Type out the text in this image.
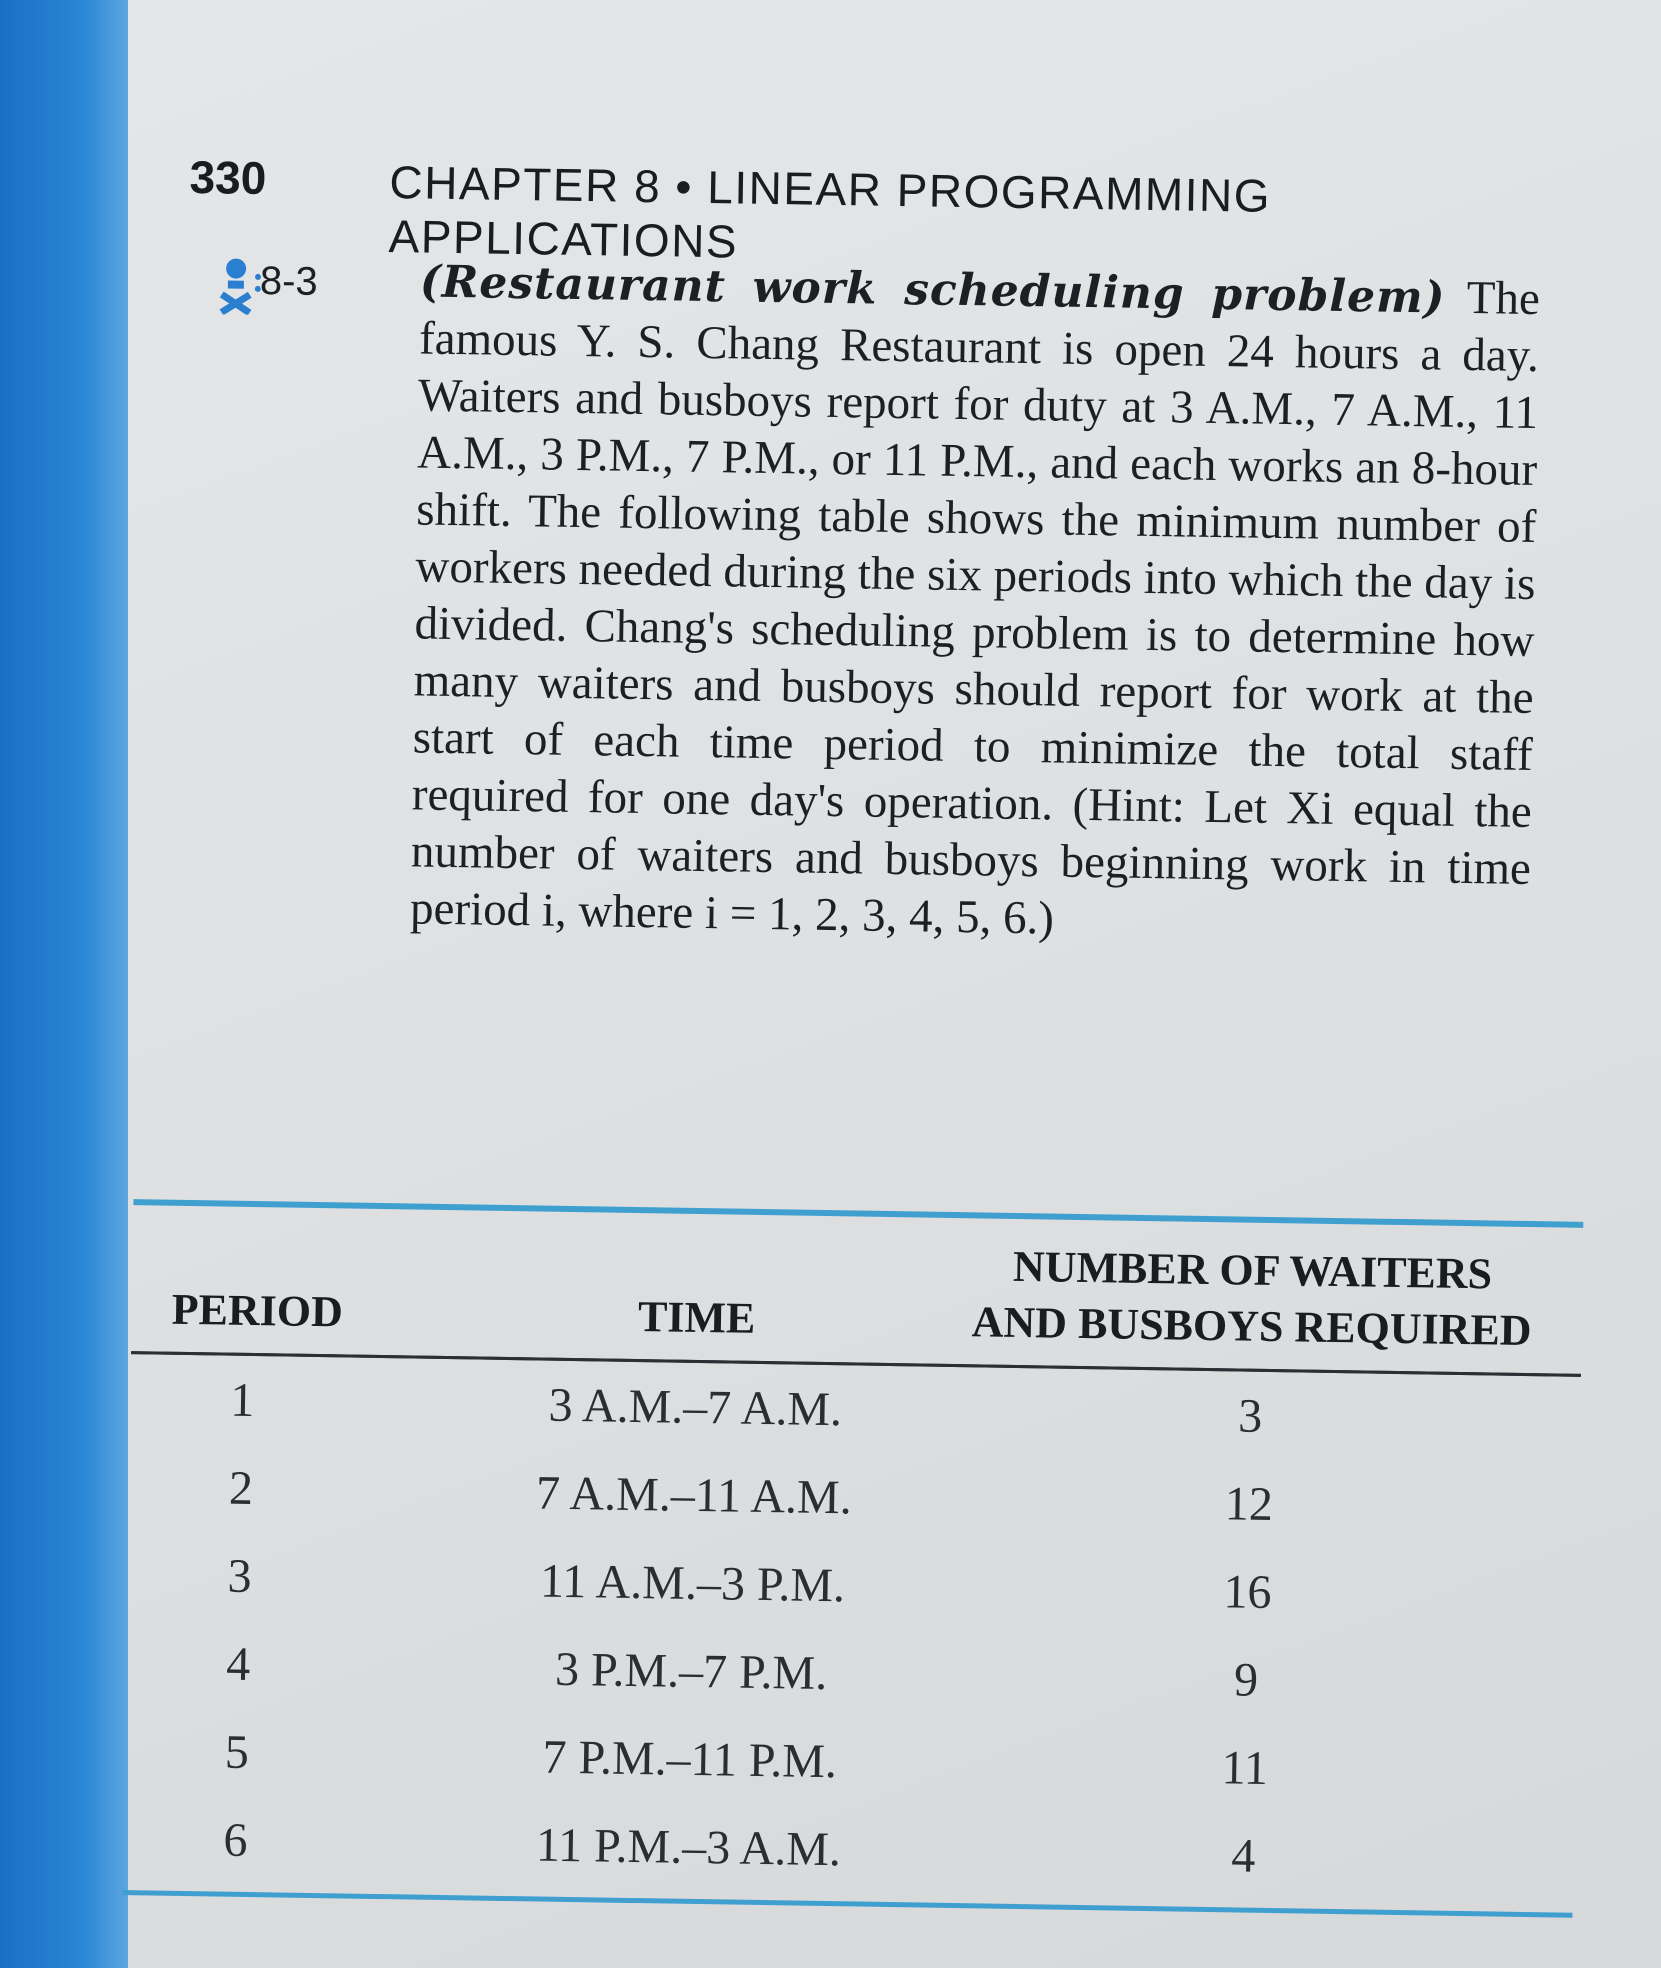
330	CHAPTER 8 • LINEAR PROGRAMMING APPLICATIONS
8-3 (Restaurant work scheduling problem) The famous Y. S. Chang Restaurant is open 24 hours a day. Waiters and busboys report for duty at 3 A.M., 7 A.M., 11 A.M., 3 P.M., 7 P.M., or 11 P.M., and each works an 8-hour shift. The following table shows the minimum number of workers needed during the six periods into which the day is divided. Chang's scheduling problem is to determine how many waiters and busboys should report for work at the start of each time period to minimize the total staff required for one day's operation. (Hint: Let Xi equal the number of waiters and busboys beginning work in time period i, where i = 1, 2, 3, 4, 5, 6.)
PERIOD	TIME	NUMBER OF WAITERS
AND BUSBOYS REQUIRED
1	3 A.M.–7 A.M.	3
2	7 A.M.–11 A.M.	12
3	11 A.M.–3 P.M.	16
4	3 P.M.–7 P.M.	9
5	7 P.M.–11 P.M.	11
6	11 P.M.–3 A.M.	4
